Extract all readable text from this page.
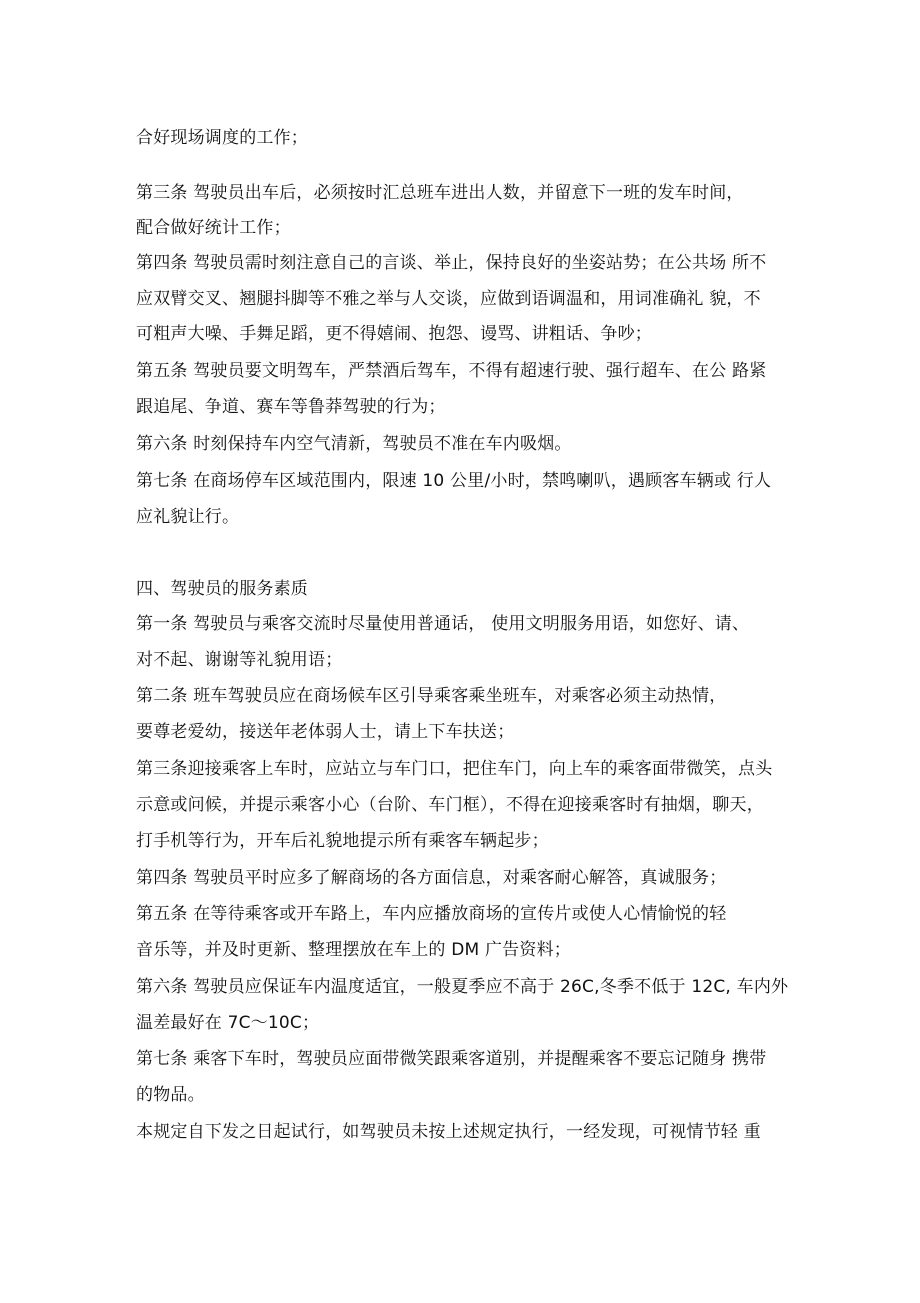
合好现场调度的工作；
第三条 驾驶员出车后，必须按时汇总班车进出人数，并留意下一班的发车时间，
配合做好统计工作；
第四条 驾驶员需时刻注意自己的言谈、举止，保持良好的坐姿站势；在公共场 所不
应双臂交叉、翘腿抖脚等不雅之举与人交谈，应做到语调温和，用词准确礼 貌，不
可粗声大噪、手舞足蹈，更不得嬉闹、抱怨、谩骂、讲粗话、争吵；
第五条 驾驶员要文明驾车，严禁酒后驾车，不得有超速行驶、强行超车、在公 路紧
跟追尾、争道、赛车等鲁莽驾驶的行为；
第六条 时刻保持车内空气清新，驾驶员不准在车内吸烟。
第七条 在商场停车区域范围内，限速 10 公里/小时，禁鸣喇叭，遇顾客车辆或 行人
应礼貌让行。
四、驾驶员的服务素质
第一条 驾驶员与乘客交流时尽量使用普通话， 使用文明服务用语，如您好、请、
对不起、谢谢等礼貌用语；
第二条 班车驾驶员应在商场候车区引导乘客乘坐班车，对乘客必须主动热情，
要尊老爱幼，接送年老体弱人士，请上下车扶送；
第三条迎接乘客上车时，应站立与车门口，把住车门，向上车的乘客面带微笑，点头
示意或问候，并提示乘客小心（台阶、车门框），不得在迎接乘客时有抽烟，聊天，
打手机等行为，开车后礼貌地提示所有乘客车辆起步；
第四条 驾驶员平时应多了解商场的各方面信息，对乘客耐心解答，真诚服务；
第五条 在等待乘客或开车路上，车内应播放商场的宣传片或使人心情愉悦的轻
音乐等，并及时更新、整理摆放在车上的 DM 广告资料；
第六条 驾驶员应保证车内温度适宜，一般夏季应不高于 26C,冬季不低于 12C, 车内外
温差最好在 7C〜10C；
第七条 乘客下车时，驾驶员应面带微笑跟乘客道别，并提醒乘客不要忘记随身 携带
的物品。
本规定自下发之日起试行，如驾驶员未按上述规定执行，一经发现，可视情节轻 重
